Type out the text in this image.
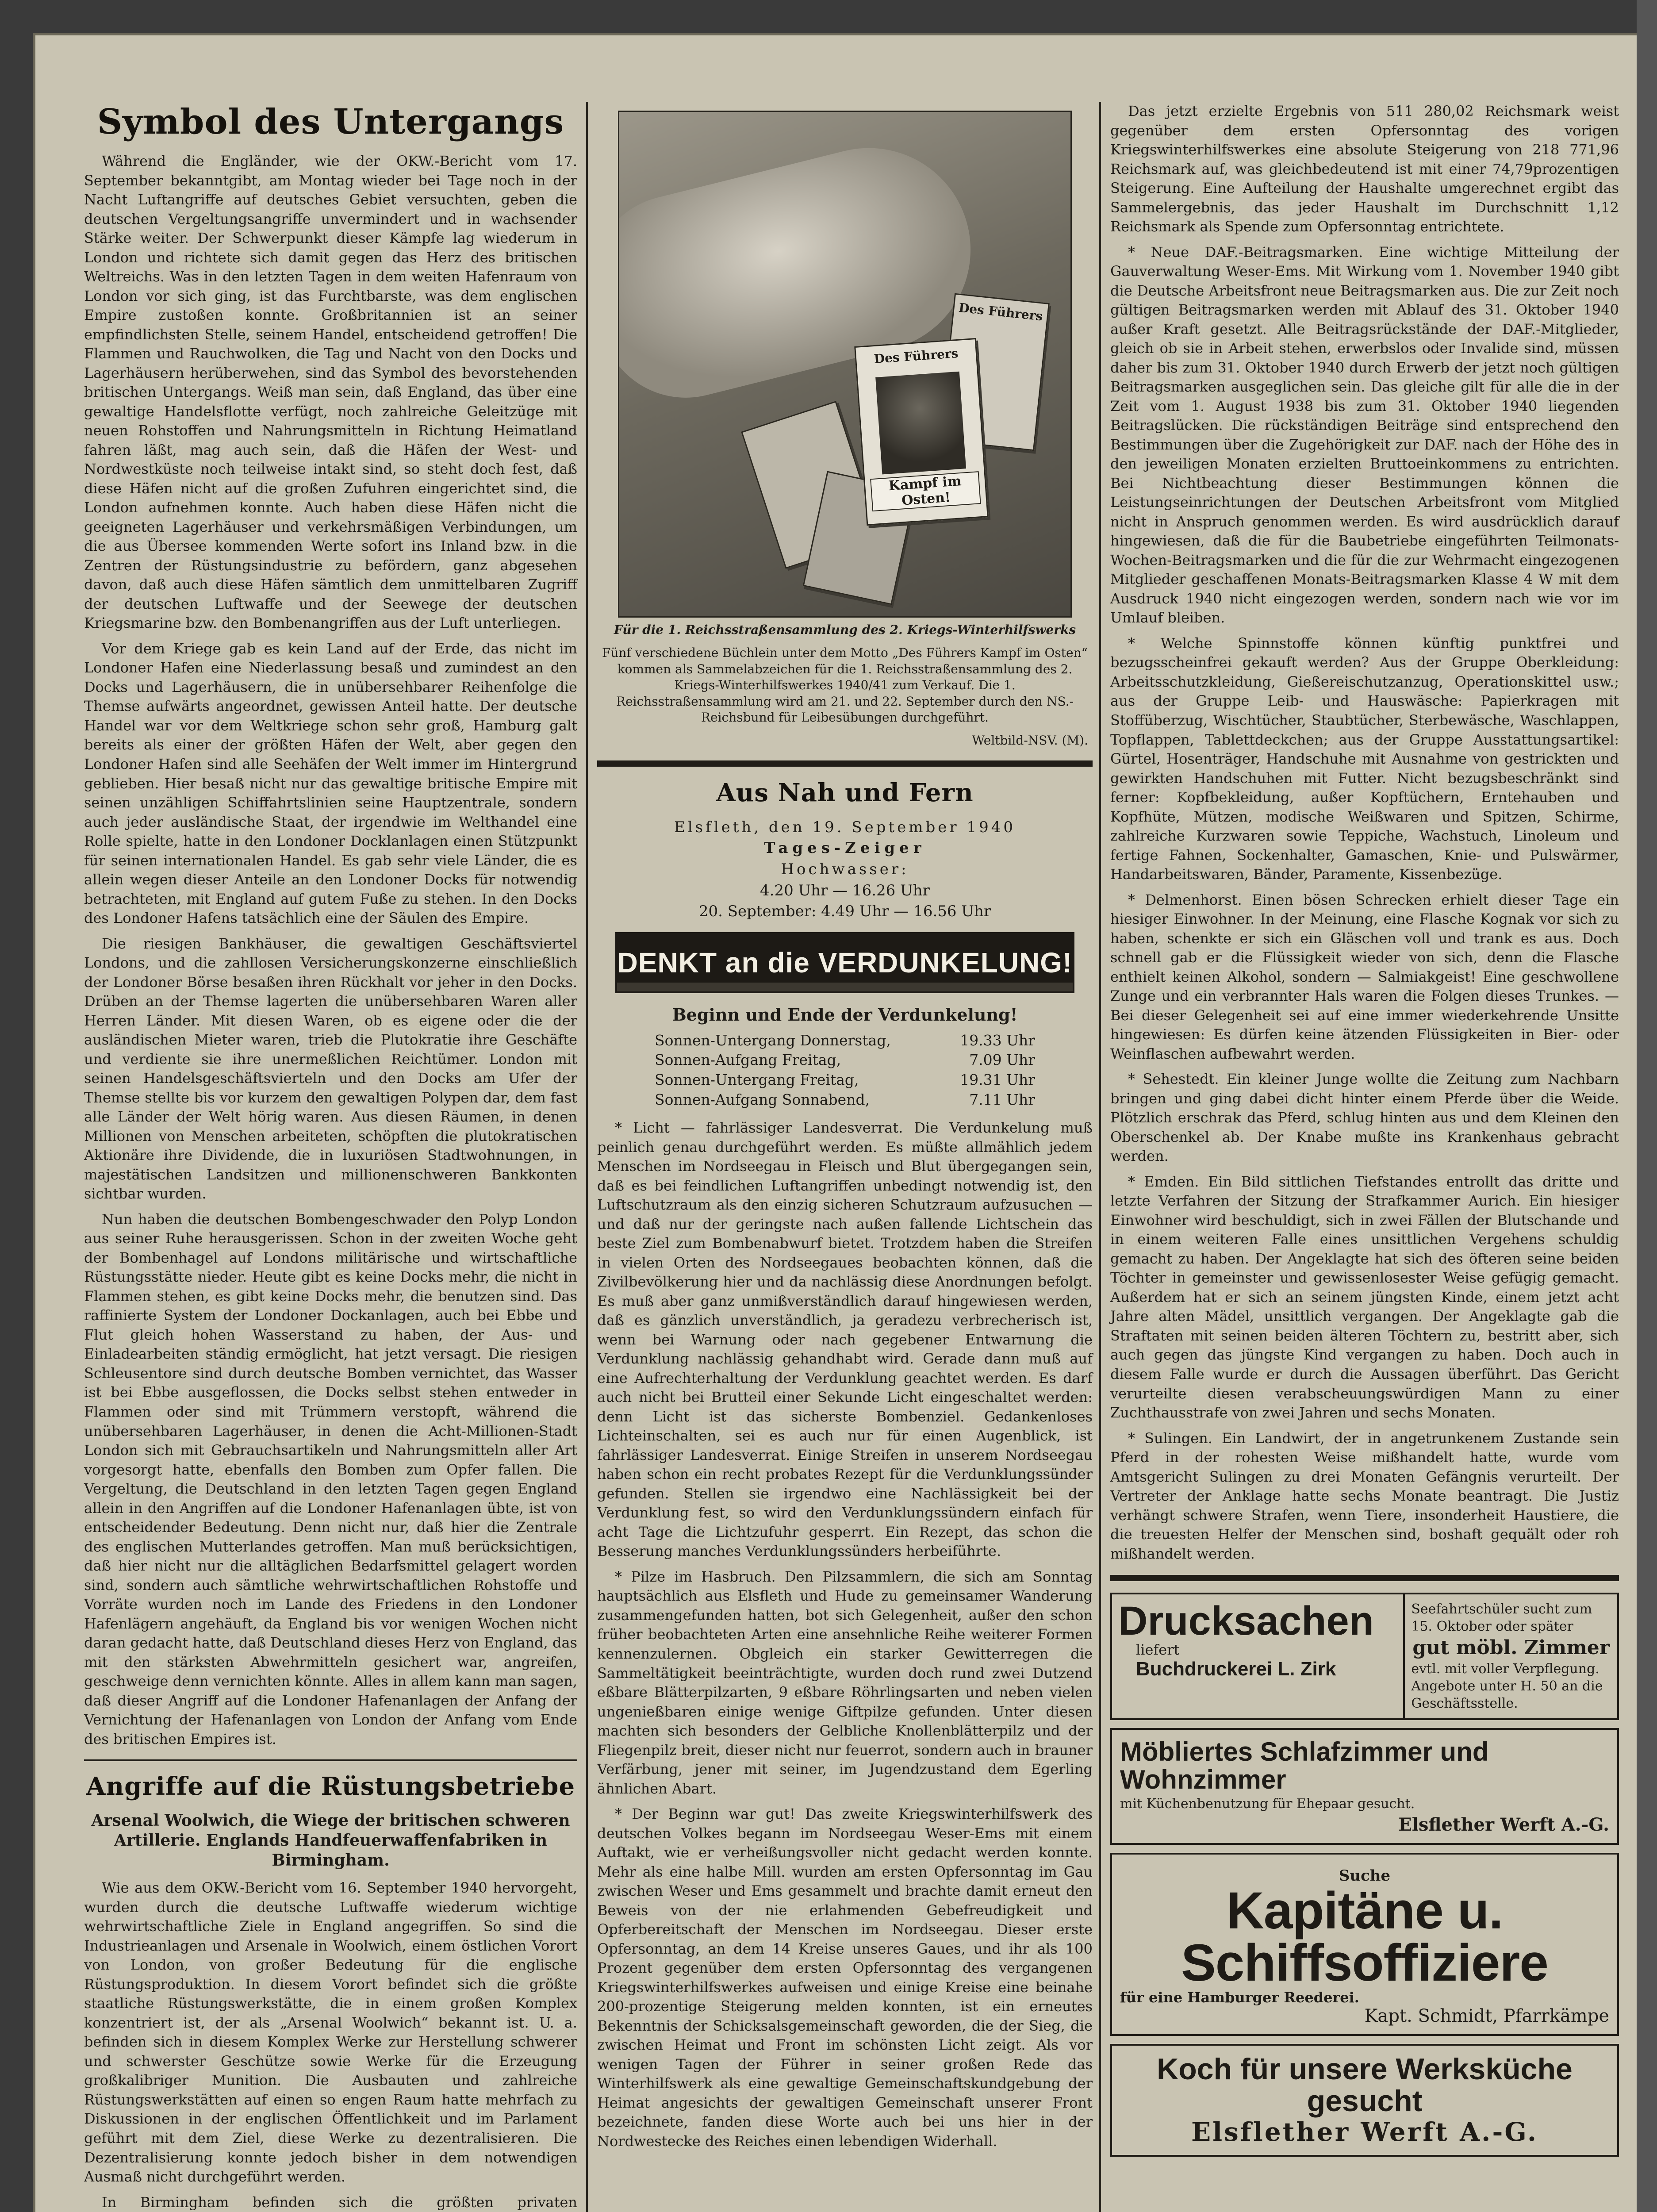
Symbol des Untergangs

Während die Engländer, wie der OKW.-Bericht vom 17. September bekanntgibt, am Montag wieder bei Tage noch in der Nacht Luftangriffe auf deutsches Gebiet versuchten, geben die deutschen Vergeltungsangriffe unvermindert und in wachsender Stärke weiter. Der Schwerpunkt dieser Kämpfe lag wiederum in London und richtete sich damit gegen das Herz des britischen Weltreichs. Was in den letzten Tagen in dem weiten Hafenraum von London vor sich ging, ist das Furchtbarste, was dem englischen Empire zustoßen konnte. Großbritannien ist an seiner empfindlichsten Stelle, seinem Handel, entscheidend getroffen! Die Flammen und Rauchwolken, die Tag und Nacht von den Docks und Lagerhäusern herüberwehen, sind das Symbol des bevorstehenden britischen Untergangs. Weiß man sein, daß England, das über eine gewaltige Handelsflotte verfügt, noch zahlreiche Geleitzüge mit neuen Rohstoffen und Nahrungsmitteln in Richtung Heimatland fahren läßt, mag auch sein, daß die Häfen der West- und Nordwestküste noch teilweise intakt sind, so steht doch fest, daß diese Häfen nicht auf die großen Zufuhren eingerichtet sind, die London aufnehmen konnte. Auch haben diese Häfen nicht die geeigneten Lagerhäuser und verkehrsmäßigen Verbindungen, um die aus Übersee kommenden Werte sofort ins Inland bzw. in die Zentren der Rüstungsindustrie zu befördern, ganz abgesehen davon, daß auch diese Häfen sämtlich dem unmittelbaren Zugriff der deutschen Luftwaffe und der Seewege der deutschen Kriegsmarine bzw. den Bombenangriffen aus der Luft unterliegen.

Vor dem Kriege gab es kein Land auf der Erde, das nicht im Londoner Hafen eine Niederlassung besaß und zumindest an den Docks und Lagerhäusern, die in unübersehbarer Reihenfolge die Themse aufwärts angeordnet, gewissen Anteil hatte. Der deutsche Handel war vor dem Weltkriege schon sehr groß, Hamburg galt bereits als einer der größten Häfen der Welt, aber gegen den Londoner Hafen sind alle Seehäfen der Welt immer im Hintergrund geblieben. Hier besaß nicht nur das gewaltige britische Empire mit seinen unzähligen Schiffahrtslinien seine Hauptzentrale, sondern auch jeder ausländische Staat, der irgendwie im Welthandel eine Rolle spielte, hatte in den Londoner Docklanlagen einen Stützpunkt für seinen internationalen Handel. Es gab sehr viele Länder, die es allein wegen dieser Anteile an den Londoner Docks für notwendig betrachteten, mit England auf gutem Fuße zu stehen. In den Docks des Londoner Hafens tatsächlich eine der Säulen des Empire.

Die riesigen Bankhäuser, die gewaltigen Geschäftsviertel Londons, und die zahllosen Versicherungskonzerne einschließlich der Londoner Börse besaßen ihren Rückhalt vor jeher in den Docks. Drüben an der Themse lagerten die unübersehbaren Waren aller Herren Länder. Mit diesen Waren, ob es eigene oder die der ausländischen Mieter waren, trieb die Plutokratie ihre Geschäfte und verdiente sie ihre unermeßlichen Reichtümer. London mit seinen Handelsgeschäftsvierteln und den Docks am Ufer der Themse stellte bis vor kurzem den gewaltigen Polypen dar, dem fast alle Länder der Welt hörig waren. Aus diesen Räumen, in denen Millionen von Menschen arbeiteten, schöpften die plutokratischen Aktionäre ihre Dividende, die in luxuriösen Stadtwohnungen, in majestätischen Landsitzen und millionenschweren Bankkonten sichtbar wurden.

Nun haben die deutschen Bombengeschwader den Polyp London aus seiner Ruhe herausgerissen. Schon in der zweiten Woche geht der Bombenhagel auf Londons militärische und wirtschaftliche Rüstungsstätte nieder. Heute gibt es keine Docks mehr, die nicht in Flammen stehen, es gibt keine Docks mehr, die benutzen sind. Das raffinierte System der Londoner Dockanlagen, auch bei Ebbe und Flut gleich hohen Wasserstand zu haben, der Aus- und Einladearbeiten ständig ermöglicht, hat jetzt versagt. Die riesigen Schleusentore sind durch deutsche Bomben vernichtet, das Wasser ist bei Ebbe ausgeflossen, die Docks selbst stehen entweder in Flammen oder sind mit Trümmern verstopft, während die unübersehbaren Lagerhäuser, in denen die Acht-Millionen-Stadt London sich mit Gebrauchsartikeln und Nahrungsmitteln aller Art vorgesorgt hatte, ebenfalls den Bomben zum Opfer fallen. Die Vergeltung, die Deutschland in den letzten Tagen gegen England allein in den Angriffen auf die Londoner Hafenanlagen übte, ist von entscheidender Bedeutung. Denn nicht nur, daß hier die Zentrale des englischen Mutterlandes getroffen. Man muß berücksichtigen, daß hier nicht nur die alltäglichen Bedarfsmittel gelagert worden sind, sondern auch sämtliche wehrwirtschaftlichen Rohstoffe und Vorräte wurden noch im Lande des Friedens in den Londoner Hafenlägern angehäuft, da England bis vor wenigen Wochen nicht daran gedacht hatte, daß Deutschland dieses Herz von England, das mit den stärksten Abwehrmitteln gesichert war, angreifen, geschweige denn vernichten könnte. Alles in allem kann man sagen, daß dieser Angriff auf die Londoner Hafenanlagen der Anfang der Vernichtung der Hafenanlagen von London der Anfang vom Ende des britischen Empires ist.

Angriffe auf die Rüstungsbetriebe
Arsenal Woolwich, die Wiege der britischen schweren Artillerie. Englands Handfeuerwaffenfabriken in Birmingham.

Wie aus dem OKW.-Bericht vom 16. September 1940 hervorgeht, wurden durch die deutsche Luftwaffe wiederum wichtige wehrwirtschaftliche Ziele in England angegriffen. So sind die Industrieanlagen und Arsenale in Woolwich, einem östlichen Vorort von London, von großer Bedeutung für die englische Rüstungsproduktion. In diesem Vorort befindet sich die größte staatliche Rüstungswerkstätte, die in einem großen Komplex konzentriert ist, der als „Arsenal Woolwich“ bekannt ist. U. a. befinden sich in diesem Komplex Werke zur Herstellung schwerer und schwerster Geschütze sowie Werke für die Erzeugung großkalibriger Munition. Die Ausbauten und zahlreiche Rüstungswerkstätten auf einen so engen Raum hatte mehrfach zu Diskussionen in der englischen Öffentlichkeit und im Parlament geführt mit dem Ziel, diese Werke zu dezentralisieren. Die Dezentralisierung konnte jedoch bisher in dem notwendigen Ausmaß nicht durchgeführt werden.

In Birmingham befinden sich die größten privaten

Des Führers
Des Führers
Kampf im Osten!
Für die 1. Reichsstraßensammlung des 2. Kriegs-Winterhilfswerks
Fünf verschiedene Büchlein unter dem Motto „Des Führers Kampf im Osten“ kommen als Sammelabzeichen für die 1. Reichsstraßensammlung des 2. Kriegs-Winterhilfswerkes 1940/41 zum Verkauf. Die 1. Reichsstraßensammlung wird am 21. und 22. September durch den NS.-Reichsbund für Leibesübungen durchgeführt.
Weltbild-NSV. (M).
Aus Nah und Fern

Elsfleth, den 19. September 1940

Tages-Zeiger

Hochwasser:

4.20 Uhr — 16.26 Uhr

20. September: 4.49 Uhr — 16.56 Uhr

DENKT an die VERDUNKELUNG!

Beginn und Ende der Verdunkelung!

Sonnen-Untergang Donnerstag,	19.33 Uhr
Sonnen-Aufgang Freitag,	7.09 Uhr
Sonnen-Untergang Freitag,	19.31 Uhr
Sonnen-Aufgang Sonnabend,	7.11 Uhr

* Licht — fahrlässiger Landesverrat. Die Verdunkelung muß peinlich genau durchgeführt werden. Es müßte allmählich jedem Menschen im Nordseegau in Fleisch und Blut übergegangen sein, daß es bei feindlichen Luftangriffen unbedingt notwendig ist, den Luftschutzraum als den einzig sicheren Schutzraum aufzusuchen — und daß nur der geringste nach außen fallende Lichtschein das beste Ziel zum Bombenabwurf bietet. Trotzdem haben die Streifen in vielen Orten des Nordseegaues beobachten können, daß die Zivilbevölkerung hier und da nachlässig diese Anordnungen befolgt. Es muß aber ganz unmißverständlich darauf hingewiesen werden, daß es gänzlich unverständlich, ja geradezu verbrecherisch ist, wenn bei Warnung oder nach gegebener Entwarnung die Verdunklung nachlässig gehandhabt wird. Gerade dann muß auf eine Aufrechterhaltung der Verdunklung geachtet werden. Es darf auch nicht bei Brutteil einer Sekunde Licht eingeschaltet werden: denn Licht ist das sicherste Bombenziel. Gedankenloses Lichteinschalten, sei es auch nur für einen Augenblick, ist fahrlässiger Landesverrat. Einige Streifen in unserem Nordseegau haben schon ein recht probates Rezept für die Verdunklungssünder gefunden. Stellen sie irgendwo eine Nachlässigkeit bei der Verdunklung fest, so wird den Verdunklungssündern einfach für acht Tage die Lichtzufuhr gesperrt. Ein Rezept, das schon die Besserung manches Verdunklungssünders herbeiführte.

* Pilze im Hasbruch. Den Pilzsammlern, die sich am Sonntag hauptsächlich aus Elsfleth und Hude zu gemeinsamer Wanderung zusammengefunden hatten, bot sich Gelegenheit, außer den schon früher beobachteten Arten eine ansehnliche Reihe weiterer Formen kennenzulernen. Obgleich ein starker Gewitterregen die Sammeltätigkeit beeinträchtigte, wurden doch rund zwei Dutzend eßbare Blätterpilzarten, 9 eßbare Röhrlingsarten und neben vielen ungenießbaren einige wenige Giftpilze gefunden. Unter diesen machten sich besonders der Gelbliche Knollenblätterpilz und der Fliegenpilz breit, dieser nicht nur feuerrot, sondern auch in brauner Verfärbung, jener mit seiner, im Jugendzustand dem Egerling ähnlichen Abart.

* Der Beginn war gut! Das zweite Kriegswinterhilfswerk des deutschen Volkes begann im Nordseegau Weser-Ems mit einem Auftakt, wie er verheißungsvoller nicht gedacht werden konnte. Mehr als eine halbe Mill. wurden am ersten Opfersonntag im Gau zwischen Weser und Ems gesammelt und brachte damit erneut den Beweis von der nie erlahmenden Gebefreudigkeit und Opferbereitschaft der Menschen im Nordseegau. Dieser erste Opfersonntag, an dem 14 Kreise unseres Gaues, und ihr als 100 Prozent gegenüber dem ersten Opfersonntag des vergangenen Kriegswinterhilfswerkes aufweisen und einige Kreise eine beinahe 200-prozentige Steigerung melden konnten, ist ein erneutes Bekenntnis der Schicksalsgemeinschaft geworden, die der Sieg, die zwischen Heimat und Front im schönsten Licht zeigt. Als vor wenigen Tagen der Führer in seiner großen Rede das Winterhilfswerk als eine gewaltige Gemeinschaftskundgebung der Heimat angesichts der gewaltigen Gemeinschaft unserer Front bezeichnete, fanden diese Worte auch bei uns hier in der Nordwestecke des Reiches einen lebendigen Widerhall.

Das jetzt erzielte Ergebnis von 511 280,02 Reichsmark weist gegenüber dem ersten Opfersonntag des vorigen Kriegswinterhilfswerkes eine absolute Steigerung von 218 771,96 Reichsmark auf, was gleichbedeutend ist mit einer 74,79prozentigen Steigerung. Eine Aufteilung der Haushalte umgerechnet ergibt das Sammelergebnis, das jeder Haushalt im Durchschnitt 1,12 Reichsmark als Spende zum Opfersonntag entrichtete.

* Neue DAF.-Beitragsmarken. Eine wichtige Mitteilung der Gauverwaltung Weser-Ems. Mit Wirkung vom 1. November 1940 gibt die Deutsche Arbeitsfront neue Beitragsmarken aus. Die zur Zeit noch gültigen Beitragsmarken werden mit Ablauf des 31. Oktober 1940 außer Kraft gesetzt. Alle Beitragsrückstände der DAF.-Mitglieder, gleich ob sie in Arbeit stehen, erwerbslos oder Invalide sind, müssen daher bis zum 31. Oktober 1940 durch Erwerb der jetzt noch gültigen Beitragsmarken ausgeglichen sein. Das gleiche gilt für alle die in der Zeit vom 1. August 1938 bis zum 31. Oktober 1940 liegenden Beitragslücken. Die rückständigen Beiträge sind entsprechend den Bestimmungen über die Zugehörigkeit zur DAF. nach der Höhe des in den jeweiligen Monaten erzielten Bruttoeinkommens zu entrichten. Bei Nichtbeachtung dieser Bestimmungen können die Leistungseinrichtungen der Deutschen Arbeitsfront vom Mitglied nicht in Anspruch genommen werden. Es wird ausdrücklich darauf hingewiesen, daß die für die Baubetriebe eingeführten Teilmonats-Wochen-Beitragsmarken und die für die zur Wehrmacht eingezogenen Mitglieder geschaffenen Monats-Beitragsmarken Klasse 4 W mit dem Ausdruck 1940 nicht eingezogen werden, sondern nach wie vor im Umlauf bleiben.

* Welche Spinnstoffe können künftig punktfrei und bezugsscheinfrei gekauft werden? Aus der Gruppe Oberkleidung: Arbeitsschutzkleidung, Gießereischutzanzug, Operationskittel usw.; aus der Gruppe Leib- und Hauswäsche: Papierkragen mit Stoffüberzug, Wischtücher, Staubtücher, Sterbewäsche, Waschlappen, Topflappen, Tablettdeckchen; aus der Gruppe Ausstattungsartikel: Gürtel, Hosenträger, Handschuhe mit Ausnahme von gestrickten und gewirkten Handschuhen mit Futter. Nicht bezugsbeschränkt sind ferner: Kopfbekleidung, außer Kopftüchern, Erntehauben und Kopfhüte, Mützen, modische Weißwaren und Spitzen, Schirme, zahlreiche Kurzwaren sowie Teppiche, Wachstuch, Linoleum und fertige Fahnen, Sockenhalter, Gamaschen, Knie- und Pulswärmer, Handarbeitswaren, Bänder, Paramente, Kissenbezüge.

* Delmenhorst. Einen bösen Schrecken erhielt dieser Tage ein hiesiger Einwohner. In der Meinung, eine Flasche Kognak vor sich zu haben, schenkte er sich ein Gläschen voll und trank es aus. Doch schnell gab er die Flüssigkeit wieder von sich, denn die Flasche enthielt keinen Alkohol, sondern — Salmiakgeist! Eine geschwollene Zunge und ein verbrannter Hals waren die Folgen dieses Trunkes. — Bei dieser Gelegenheit sei auf eine immer wiederkehrende Unsitte hingewiesen: Es dürfen keine ätzenden Flüssigkeiten in Bier- oder Weinflaschen aufbewahrt werden.

* Sehestedt. Ein kleiner Junge wollte die Zeitung zum Nachbarn bringen und ging dabei dicht hinter einem Pferde über die Weide. Plötzlich erschrak das Pferd, schlug hinten aus und dem Kleinen den Oberschenkel ab. Der Knabe mußte ins Krankenhaus gebracht werden.

* Emden. Ein Bild sittlichen Tiefstandes entrollt das dritte und letzte Verfahren der Sitzung der Strafkammer Aurich. Ein hiesiger Einwohner wird beschuldigt, sich in zwei Fällen der Blutschande und in einem weiteren Falle eines unsittlichen Vergehens schuldig gemacht zu haben. Der Angeklagte hat sich des öfteren seine beiden Töchter in gemeinster und gewissenlosester Weise gefügig gemacht. Außerdem hat er sich an seinem jüngsten Kinde, einem jetzt acht Jahre alten Mädel, unsittlich vergangen. Der Angeklagte gab die Straftaten mit seinen beiden älteren Töchtern zu, bestritt aber, sich auch gegen das jüngste Kind vergangen zu haben. Doch auch in diesem Falle wurde er durch die Aussagen überführt. Das Gericht verurteilte diesen verabscheuungswürdigen Mann zu einer Zuchthausstrafe von zwei Jahren und sechs Monaten.

* Sulingen. Ein Landwirt, der in angetrunkenem Zustande sein Pferd in der rohesten Weise mißhandelt hatte, wurde vom Amtsgericht Sulingen zu drei Monaten Gefängnis verurteilt. Der Vertreter der Anklage hatte sechs Monate beantragt. Die Justiz verhängt schwere Strafen, wenn Tiere, insonderheit Haustiere, die die treuesten Helfer der Menschen sind, boshaft gequält oder roh mißhandelt werden.

Drucksachen
liefert
Buchdruckerei L. Zirk
Seefahrtschüler sucht zum 15. Oktober oder später
gut möbl. Zimmer
evtl. mit voller Verpflegung. Angebote unter H. 50 an die Geschäftsstelle.
Möbliertes Schlafzimmer und Wohnzimmer
mit Küchenbenutzung für Ehepaar gesucht.
Elsflether Werft A.-G.
Suche
Kapitäne u. Schiffsoffiziere
für eine Hamburger Reederei.
Kapt. Schmidt, Pfarrkämpe
Koch für unsere Werksküche gesucht
Elsflether Werft A.-G.
